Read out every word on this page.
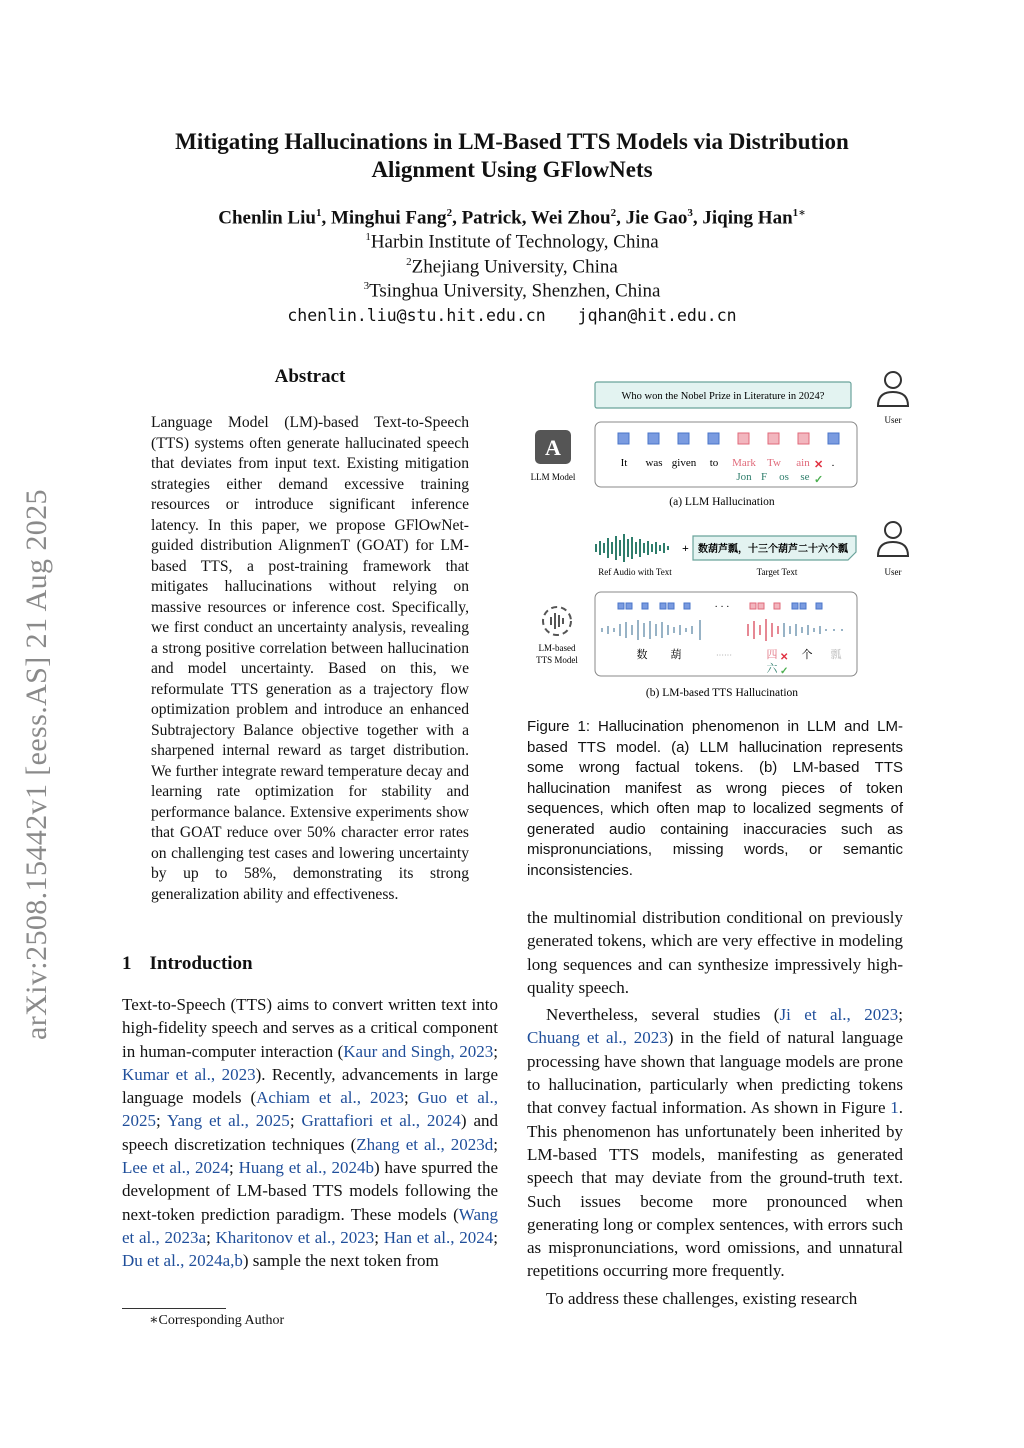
Mitigating Hallucinations in LM-Based TTS Models via Distribution
Alignment Using GFlowNets
Chenlin Liu$^1$, Minghui Fang$^2$, Patrick, Wei Zhou$^2$, Jie Gao$^3$, Jiqing Han$^{1∗}$
$^1$Harbin Institute of Technology, China
$^2$Zhejiang University, China
$^3$Tsinghua University, Shenzhen, China
chenlin.liu@stu.hit.edu.cn jqhan@hit.edu.cn
arXiv:2508.15442v1 [eess.AS] 21 Aug 2025
Abstract
Language Model (LM)-based Text-to-Speech (TTS) systems often generate hallucinated speech that deviates from input text. Existing mitigation strategies either demand excessive training resources or introduce significant inference latency. In this paper, we propose GFlOwNet-guided distribution AlignmenT (GOAT) for LM-based TTS, a post-training framework that mitigates hallucinations without relying on massive resources or inference cost. Specifically, we first conduct an uncertainty analysis, revealing a strong positive correlation between hallucination and model uncertainty. Based on this, we reformulate TTS generation as a trajectory flow optimization problem and introduce an enhanced Subtrajectory Balance objective together with a sharpened internal reward as target distribution. We further integrate reward temperature decay and learning rate optimization for stability and performance balance. Extensive experiments show that GOAT reduce over 50% character error rates on challenging test cases and lowering uncertainty by up to 58%, demonstrating its strong generalization ability and effectiveness.
1 Introduction
Text-to-Speech (TTS) aims to convert written text into high-fidelity speech and serves as a critical component in human-computer interaction (Kaur and Singh, 2023; Kumar et al., 2023). Recently, advancements in large language models (Achiam et al., 2023; Guo et al., 2025; Yang et al., 2025; Grattafiori et al., 2024) and speech discretization techniques (Zhang et al., 2023d; Lee et al., 2024; Huang et al., 2024b) have spurred the development of LM-based TTS models following the next-token prediction paradigm. These models (Wang et al., 2023a; Kharitonov et al., 2023; Han et al., 2024; Du et al., 2024a,b) sample the next token from
∗Corresponding Author
Who won the Nobel Prize in Literature in 2024?
User
A
LLM Model
It was given to Mark Tw ain .
Jon F os se
✕
✓
(a) LLM Hallucination
+ 数葫芦瓢，十三个葫芦二十六个瓢
Ref Audio with Text	Target Text	User
LM-based
TTS Model
· · ·
数 葫	······	四 个 瓢
六
✕
✓
(b) LM-based TTS Hallucination
Figure 1: Hallucination phenomenon in LLM and LM-based TTS model. (a) LLM hallucination represents some wrong factual tokens. (b) LM-based TTS hallucination manifest as wrong pieces of token sequences, which often map to localized segments of generated audio containing inaccuracies such as mispronunciations, missing words, or semantic inconsistencies.
the multinomial distribution conditional on previously generated tokens, which are very effective in modeling long sequences and can synthesize impressively high-quality speech.
Nevertheless, several studies (Ji et al., 2023; Chuang et al., 2023) in the field of natural language processing have shown that language models are prone to hallucination, particularly when predicting tokens that convey factual information. As shown in Figure 1. This phenomenon has unfortunately been inherited by LM-based TTS models, manifesting as generated speech that may deviate from the ground-truth text. Such issues become more pronounced when generating long or complex sentences, with errors such as mispronunciations, word omissions, and unnatural repetitions occurring more frequently.
To address these challenges, existing research
